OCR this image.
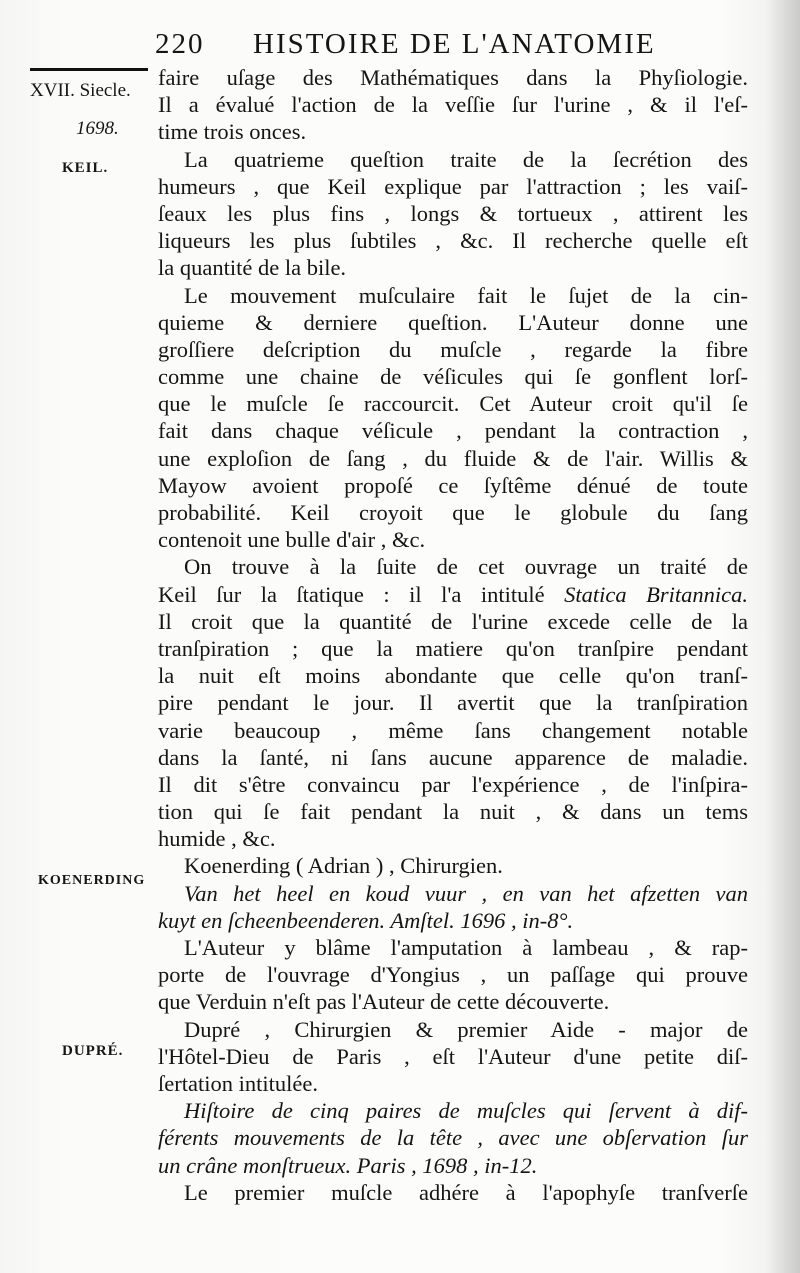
220 HISTOIRE DE L'ANATOMIE
XVII. Siecle.
1698.
KEIL.
KOENERDING
DUPRÉ.
faire uſage des Mathématiques dans la Phyſiologie.
Il a évalué l'action de la veſſie ſur l'urine , & il l'eſ-
time trois onces.
La quatrieme queſtion traite de la ſecrétion des
humeurs , que Keil explique par l'attraction ; les vaiſ-
ſeaux les plus fins , longs & tortueux , attirent les
liqueurs les plus ſubtiles , &c. Il recherche quelle eſt
la quantité de la bile.
Le mouvement muſculaire fait le ſujet de la cin-
quieme & derniere queſtion. L'Auteur donne une
groſſiere deſcription du muſcle , regarde la fibre
comme une chaine de véſicules qui ſe gonflent lorſ-
que le muſcle ſe raccourcit. Cet Auteur croit qu'il ſe
fait dans chaque véſicule , pendant la contraction ,
une exploſion de ſang , du fluide & de l'air. Willis &
Mayow avoient propoſé ce ſyſtême dénué de toute
probabilité. Keil croyoit que le globule du ſang
contenoit une bulle d'air , &c.
On trouve à la ſuite de cet ouvrage un traité de
Keil ſur la ſtatique : il l'a intitulé Statica Britannica.
Il croit que la quantité de l'urine excede celle de la
tranſpiration ; que la matiere qu'on tranſpire pendant
la nuit eſt moins abondante que celle qu'on tranſ-
pire pendant le jour. Il avertit que la tranſpiration
varie beaucoup , même ſans changement notable
dans la ſanté, ni ſans aucune apparence de maladie.
Il dit s'être convaincu par l'expérience , de l'inſpira-
tion qui ſe fait pendant la nuit , & dans un tems
humide , &c.
Koenerding ( Adrian ) , Chirurgien.
Van het heel en koud vuur , en van het afzetten van
kuyt en ſcheenbeenderen. Amſtel. 1696 , in-8°.
L'Auteur y blâme l'amputation à lambeau , & rap-
porte de l'ouvrage d'Yongius , un paſſage qui prouve
que Verduin n'eſt pas l'Auteur de cette découverte.
Dupré , Chirurgien & premier Aide - major de
l'Hôtel-Dieu de Paris , eſt l'Auteur d'une petite diſ-
ſertation intitulée.
Hiſtoire de cinq paires de muſcles qui ſervent à dif-
férents mouvements de la tête , avec une obſervation ſur
un crâne monſtrueux. Paris , 1698 , in-12.
Le premier muſcle adhére à l'apophyſe tranſverſe
